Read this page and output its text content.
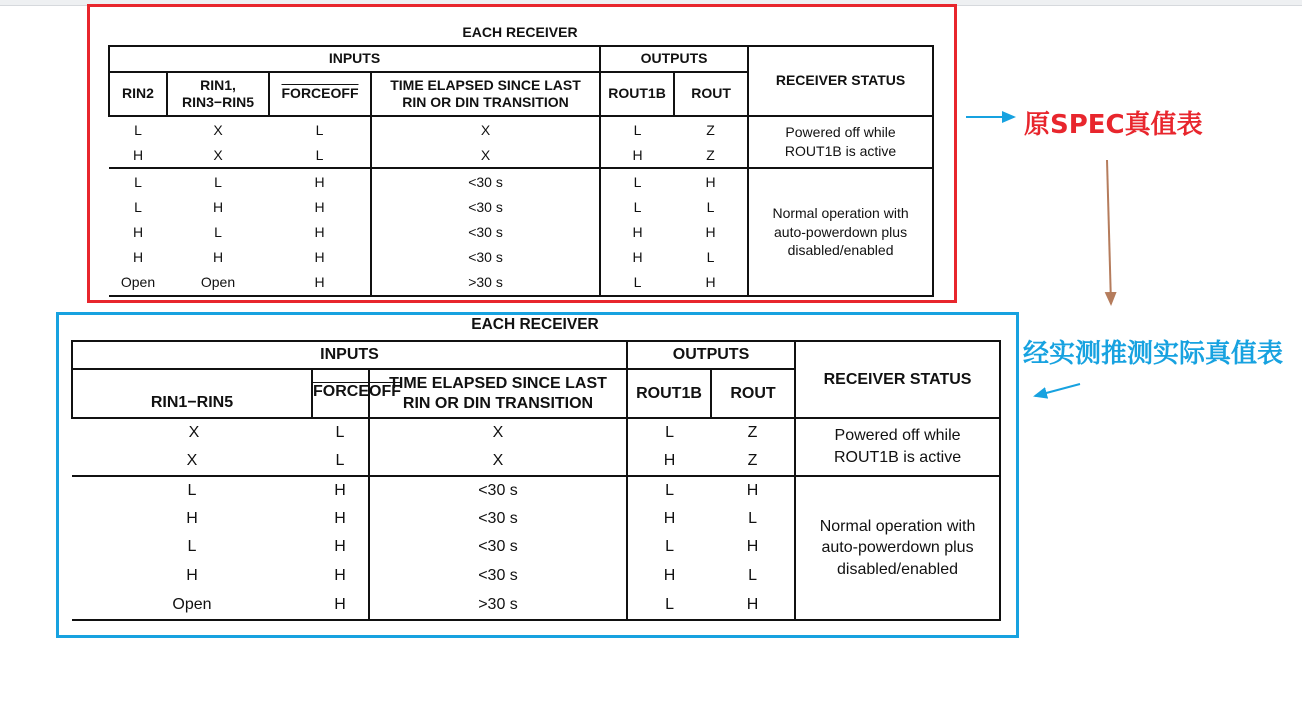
EACH RECEIVER
INPUTS				OUTPUTS		RECEIVER STATUS
RIN2	RIN1,
RIN3−RIN5	FORCEOFF	TIME ELAPSED SINCE LAST
RIN OR DIN TRANSITION	ROUT1B	ROUT	
L	X	L	X	L	Z	Powered off while
ROUT1B is active
H	X	L	X	H	Z	
L	L	H	<30 s	L	H	Normal operation with
auto-powerdown plus
disabled/enabled
L	H	H	<30 s	L	L	
H	L	H	<30 s	H	H	
H	H	H	<30 s	H	L	
Open	Open	H	>30 s	L	H	
EACH RECEIVER
INPUTS			OUTPUTS		RECEIVER STATUS
RIN1−RIN5	FORCEOFF	TIME ELAPSED SINCE LAST
RIN OR DIN TRANSITION	ROUT1B	ROUT	
X	L	X	L	Z	Powered off while
ROUT1B is active
X	L	X	H	Z	
L	H	<30 s	L	H	Normal operation with
auto-powerdown plus
disabled/enabled
H	H	<30 s	H	L	
L	H	<30 s	L	H	
H	H	<30 s	H	L	
Open	H	>30 s	L	H	
原SPEC真值表
经实测推测实际真值表
